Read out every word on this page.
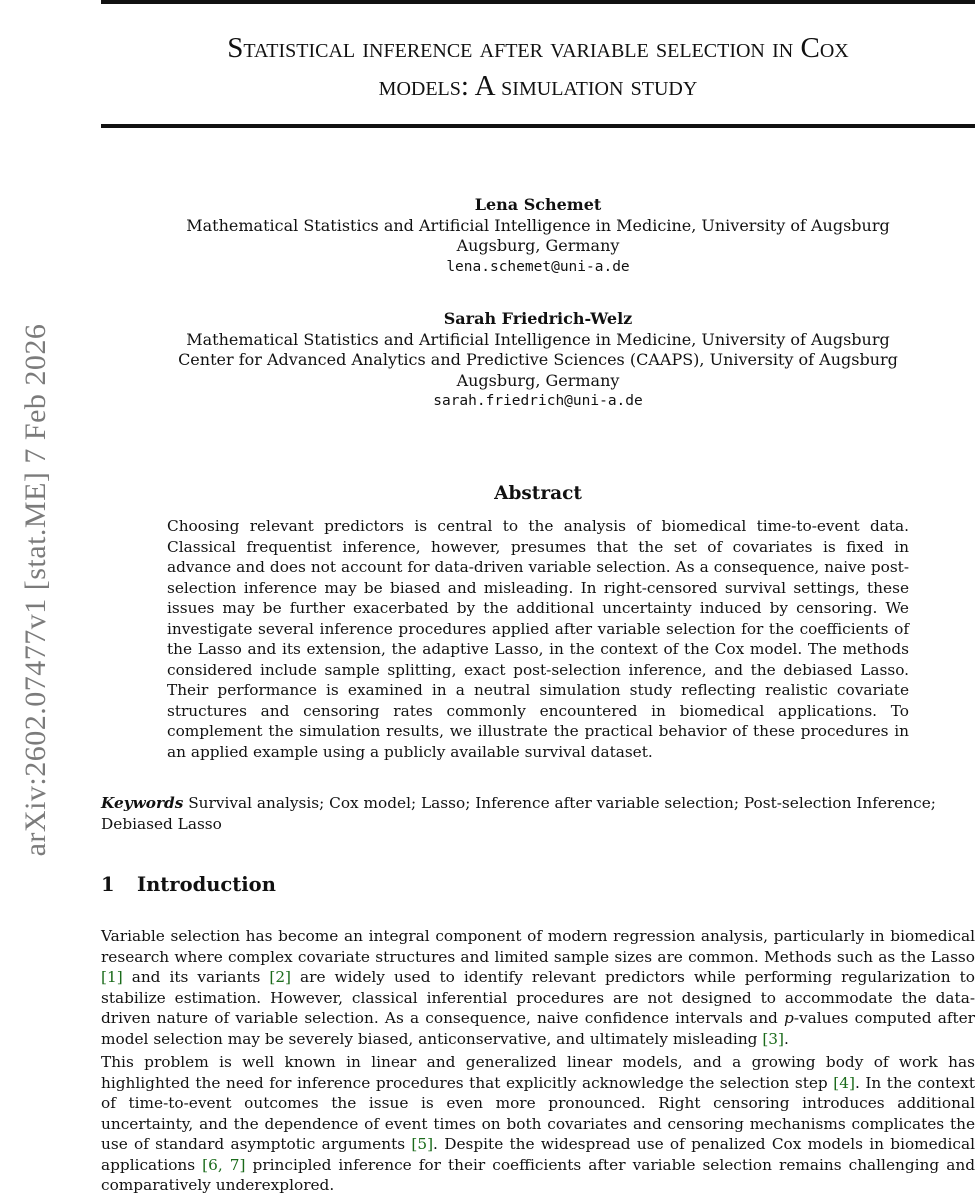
arXiv:2602.07477v1 [stat.ME] 7 Feb 2026
Statistical inference after variable selection in Cox
models: A simulation study
Lena Schemet
Mathematical Statistics and Artificial Intelligence in Medicine, University of Augsburg
Augsburg, Germany
lena.schemet@uni-a.de
Sarah Friedrich-Welz
Mathematical Statistics and Artificial Intelligence in Medicine, University of Augsburg
Center for Advanced Analytics and Predictive Sciences (CAAPS), University of Augsburg
Augsburg, Germany
sarah.friedrich@uni-a.de
Abstract

Choosing relevant predictors is central to the analysis of biomedical time-to-event data. Classical frequentist inference, however, presumes that the set of covariates is fixed in advance and does not account for data-driven variable selection. As a consequence, naive post-selection inference may be biased and misleading. In right-censored survival settings, these issues may be further exacerbated by the additional uncertainty induced by censoring. We investigate several inference procedures applied after variable selection for the coefficients of the Lasso and its extension, the adaptive Lasso, in the context of the Cox model. The methods considered include sample splitting, exact post-selection inference, and the debiased Lasso. Their performance is examined in a neutral simulation study reflecting realistic covariate structures and censoring rates commonly encountered in biomedical applications. To complement the simulation results, we illustrate the practical behavior of these procedures in an applied example using a publicly available survival dataset.

Keywords Survival analysis; Cox model; Lasso; Inference after variable selection; Post-selection Inference; Debiased Lasso

1 Introduction

Variable selection has become an integral component of modern regression analysis, particularly in biomedical research where complex covariate structures and limited sample sizes are common. Methods such as the Lasso [1] and its variants [2] are widely used to identify relevant predictors while performing regularization to stabilize estimation. However, classical inferential procedures are not designed to accommodate the data-driven nature of variable selection. As a consequence, naive confidence intervals and p-values computed after model selection may be severely biased, anticonservative, and ultimately misleading [3].

This problem is well known in linear and generalized linear models, and a growing body of work has highlighted the need for inference procedures that explicitly acknowledge the selection step [4]. In the context of time-to-event outcomes the issue is even more pronounced. Right censoring introduces additional uncertainty, and the dependence of event times on both covariates and censoring mechanisms complicates the use of standard asymptotic arguments [5]. Despite the widespread use of penalized Cox models in biomedical applications [6, 7] principled inference for their coefficients after variable selection remains challenging and comparatively underexplored.
